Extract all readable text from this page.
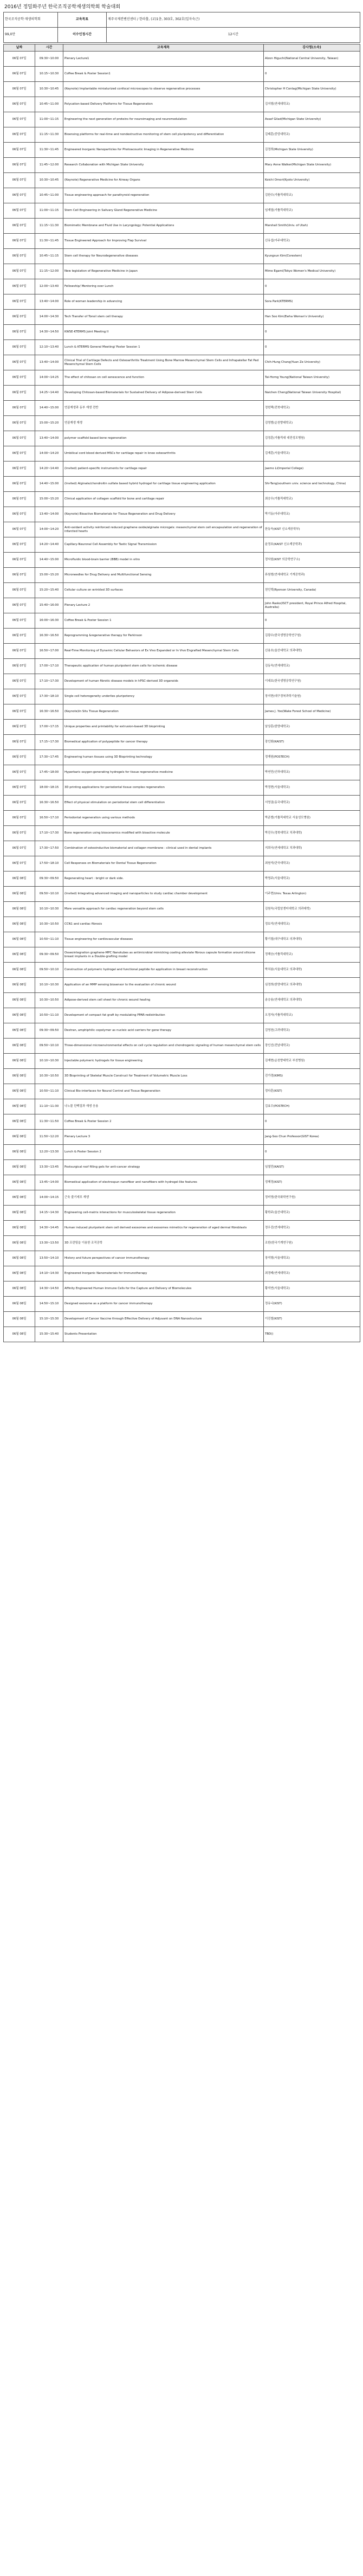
2016년 정밀화주년 한국조직공학재생의학회 학술대회
한국조직공학·재생의학회	교육목표	제주국제컨벤션센터 / 한라홀, (교)1층, 303호, 302호(일자숙근)
99,0만	이수인정시간	12시간
날짜	시간	교육제목	강사명(소속)
06월 07일	09:30~10:00	Plenary Lecture1	Alzon Higuchi(National Central University, Taiwan)
06월 07일	10:15~10:30	Coffee Break & Poster Session1	0
06월 07일	10:30~10:45	(Keynote) Implantable miniaturized confocal microscopes to observe regenerative processes	Christopher H Contag(Michigan State University)
06월 07일	10:45~11:00	Polycation-based Delivery Platforms for Tissue Regeneration	김지형(연세대학교)
06월 07일	11:00~11:15	Engineering the next generation of proteins for neuroimaging and neuromodulation	Assaf Gilad(Michigan State University)
06월 07일	11:15~11:30	Bioensing platforms for real-time and nondestructive monitoring of stem cell pluripotency and differentiation	김태훈(중앙대학교)
06월 07일	11:30~11:45	Engineered Inorganic Nanoparticles for Photoacoustic Imaging in Regenerative Medicine	김정희(Michigan State University)
06월 07일	11:45~12:00	Research Collaboration with Michigan State University	Mary Anne Walker(Michigan State University)
06월 07일	10:30~10:45	(Keynote) Regenerative Medicine for Airway Organs	Koichi Omori(Kyoto University)
06월 07일	10:45~11:00	Tissue engineering approach for parathyroid regeneration	김한수(가톨릭대학교)
06월 07일	11:00~11:15	Stem Cell Engineering in Salivary Gland Regenerative Medicine	임재열(가톨릭대학교)
06월 07일	11:15~11:30	Biomimetic Membrane and Fluid Use in Laryngology: Potential Applications	Marshall Smith(Univ. of Utah)
06월 07일	11:30~11:45	Tissue Engineered Approach for Improving Flap Survival	신유섭(아주대학교)
06월 07일	10:45~11:15	Stem cell therapy for Neurodegenerative diseases	Kyungsun Kim(Corestem)
06월 07일	11:15~12:00	New legislation of Regenerative Medicine in Japan	Mime Egami(Tokyo Women's Medical University)
06월 07일	12:00~13:40	Fellowship/ Mentoring over Lunch	0
06월 07일	13:40~14:00	Role of woman leadership in advancing	Sora Park(KTERMS)
06월 07일	14:00~14:30	Tech Transfer of Tonsil stem cell therapy	Han Soo Kim(Ewha Woman's University)
06월 07일	14:30~14:50	KWSE-KTERMS Joint Meeting II	0
06월 07일	12:10~13:40	Lunch & KTERMS General Meeting/ Poster Session 1	0
06월 07일	13:40~14:00	Clinical Trial of Cartilage Defects and Osteoarthritis Treatment Using Bone Marrow Mesenchymal Stem Cells and Infrapatellar Fat Pad Mesenchymal Stem Cells	Chih-Hung Chang(Yuan Ze University)
06월 07일	14:00~14:25	The effect of chitosan on cell senescence and function	Tai-Horng Young(National Taiwan University)
06월 07일	14:25~14:40	Developing Chitosan-based Biomaterials for Sustained Delivery of Adipose-derived Stem Cells	Naichen Cheng(National Taiwan University Hospital)
06월 07일	14:40~15:00	연골재생과 동부 재생 전반	정헌택(전북대학교)
06월 07일	15:00~15:20	연골재생 재생	김영범(순천향대학교)
06월 07일	13:40~14:00	polymer scaffold based bone regeneration	김정훈(가톨릭대 대전성모병원)
06월 07일	14:00~14:20	Umbilical cord blood derived MSCs for cartilage repair in knee osteoarthritis	김재훈(서울대학교)
06월 07일	14:20~14:40	(Invited) patient-specific instruments for cartilage repair	Jaemo Li(Imperial College)
06월 07일	14:40~15:00	(Invited) Alginate/chondroitin sulfate based hybrid hydrogel for cartilage tissue engineering application	Shi-Tang(southern univ. science and technology, China)
06월 07일	15:00~15:20	Clinical application of collagen scaffold for bone and cartilage repair	최승우(가톨릭대학교)
06월 07일	13:40~14:00	(Keynote) Bioactive Biomaterials for Tissue Regeneration and Drug Delivery	박기동(아주대학교)
06월 07일	14:00~14:20	Anti-oxidant activity reinforced reduced graphene oxide/alginate microgels: mesenchymal stem cell encapsulation and regeneration of infarcted hearts	한동욱(KIST 신소재공학부)
06월 07일	14:20~14:40	Capillary-Neuronal Cell Assembly for Tastic Signal Transmission	윤정호(KAIST 신소재공학과)
06월 07일	14:40~15:00	Microfluidic blood-brain barrier (BBB) model in vitro	정낙원(KIST 의공학연구소)
06월 07일	15:00~15:20	Microneedles for Drug Delivery and Multifunctional Sensing	류원형(연세대학교 기계공학과)
06월 07일	15:20~15:40	Cellular culture on wrinkled 3D surfaces	천인혁(Ryerson University, Canada)
06월 07일	15:40~16:00	Plenary Lecture 2	John Rasko(ISCT president, Royal Prince Alfred Hospital, Australia)
06월 07일	16:00~16:30	Coffee Break & Poster Session 1	0
06월 07일	16:30~16:50	Reprogramming &regenerative therapy for Parkinson	김광수(한국생명공학연구원)
06월 07일	16:50~17:00	Real-Time Monitoring of Dynamic Cellular Behaviors of Ex Vivo Expanded or In Vivo Engrafted Mesenchymal Stem Cells	신용호(울산대학교 의과대학)
06월 07일	17:00~17:10	Therapeutic application of human pluripotent stem cells for ischemic disease	김동욱(연세대학교)
06월 07일	17:10~17:30	Development of human fibrotic disease models in hPSC-derived 3D organoids	이대호(한국생명공학연구원)
06월 07일	17:30~18:10	Single cell heterogeneity underlies pluripotency	장지현(대구경북과학기술원)
06월 07일	16:30~16:50	(Keynote)In Situ Tissue Regeneration	James J. Yoo(Wake Forest School of Medicine)
06월 07일	17:00~17:15	Unique properties and printability for extrusion-based 3D bioprinting	남상훈(한양대학교)
06월 07일	17:15~17:30	Biomedical application of polypeptide for cancer therapy	장인화(KAIST)
06월 07일	17:30~17:45	Engineering human tissues using 3D Bioprinting technology	정재원(POSTECH)
06월 07일	17:45~18:00	Hyperbaric oxygen-generating hydrogels for tissue regenerative medicine	박연민(인하대학교)
06월 07일	18:00~18:15	3D printing applications for periodontal tissue complex regeneration	박정현(서울대학교)
06월 07일	16:30~16:50	Effect of physical stimulation on periodontal stem cell differentiation	서영권(동국대학교)
06월 07일	16:50~17:10	Periodontal regeneration using various methods	박준범(가톨릭대학교 서울성모병원)
06월 07일	17:10~17:30	Bone regeneration using biosceramics modified with bioactive molecule	박진우(경북대학교 치과대학)
06월 07일	17:30~17:50	Combination of osteoinductive biomaterial and collagen membrane : clinical used in dental implants	지희국(연세대학교 치과대학)
06월 07일	17:50~18:10	Cell Responses on Biomaterials for Dental Tissue Regeneration	최원석(단국대학교)
06월 08일	09:30~09:50	Regenerating heart : bright or dark side.	박영주(서울대학교)
06월 08일	09:50~10:10	(Invited) Integrating advanced imaging and nanoparticles to study cardiac chamber development	이주현(Univ. Texas Arlington)
06월 08일	10:10~10:30	More versatile approach for cardiac regeneration beyond stem cells	김원욱(국립암센터대학교 의과대학)
06월 08일	10:30~10:50	CCN1 and cardiac fibrosis	정보석(연세대학교)
06월 08일	10:50~11:10	Tissue engineering for cardiovascular diseases	황기철(대구대학교 의과대학)
06월 08일	09:30~09:50	Osseointegration graphene-MPC Nanotubes as antimicrobial mimicking coating alleviate fibrous capsule formation around silicone breast implants in a Double-grafting model	정해승(가톨릭대학교)
06월 08일	09:50~10:10	Construction of polymeric hydrogel and functional peptide for application in breast reconstruction	박치봉(서울대학교 의과대학)
06월 08일	10:10~10:30	Application of an MMP sensing biosensor to the evaluation of chronic wound	심정희(한양대학교 의과대학)
06월 08일	10:30~10:50	Adipose-derived stem cell sheet for chronic wound healing	송승용(연세대학교 의과대학)
06월 08일	10:50~11:10	Development of compact fat graft by modulating PPAR-redistribution	오정자(가톨릭대학교)
06월 08일	09:30~09:50	Dextran, amphiphilic copolymer as nucleic acid carriers for gene therapy	김영천(고려대학교)
06월 08일	09:50~10:10	Three-dimensional microenvironmental effects on cell cycle regulation and chondrogenic signaling of human mesenchymal stem cells	장인선(전남대학교)
06월 08일	10:10~10:30	Injectable polymeric hydrogels for tissue engineering	김재현(순천향대학교 부천병원)
06월 08일	10:30~10:50	3D Bioprinting of Skeletal Muscle Construct for Treatment of Volumetric Muscle Loss	진가경(KIMS)
06월 08일	10:50~11:10	Clinical Bio-interfaces for Neural Control and Tissue Regeneration	정다훈(KIST)
06월 08일	11:10~11:30	나노물 단백질과 재생 응용	김효수(POSTECH)
06월 08일	11:30~11:50	Coffee Break & Poster Session 2	0
06월 08일	11:50~12:20	Plenary Lecture 3	Jang-Soo Chun Professor(GIST Korea)
06월 08일	12:20~13:30	Lunch & Poster Session 2	0
06월 08일	13:30~13:45	Postsurgical roof filling gels for anti-cancer strategy	임철민(KAIST)
06월 08일	13:45~14:00	Biomedical application of electrospun nanofiber and nanofibers with hydrogel-like features	정혜정(KIST)
06월 08일	14:00~14:15	근육 줄기세포 재생	정미영(한국화학연구원)
06월 08일	14:15~14:30	Engineering cell-matrix interactions for musculoskeletal tissue regeneration	황학주(울산대학교)
06월 08일	14:30~14:45	Human induced pluripotent stem cell derived exosomes and exosomes mimetics for regeneration of aged dermal fibroblasts	정우진(연세대학교)
06월 08일	13:30~13:50	3D 프린팅을 이용한 조직공학	조한(한국기계연구원)
06월 08일	13:50~14:10	History and future perspectives of cancer immunotherapy	장석형(서울대학교)
06월 08일	14:10~14:30	Engineered Inorganic Nanomaterials for Immunotherapy	최경태(연세대학교)
06월 08일	14:30~14:50	Affinity Engineered Human Immune Cells for the Capture and Delivery of Biomolecules	황석연(서울대학교)
06월 08일	14:50~15:10	Designed exosome as a platform for cancer immunotherapy	정유나(KIST)
06월 08일	15:10~15:30	Development of Cancer Vaccine through Effective Delivery of Adjuvant on DNA Nanostructure	이진철(KIST)
06월 08일	15:30~15:40	Students Presentation	TBD()
